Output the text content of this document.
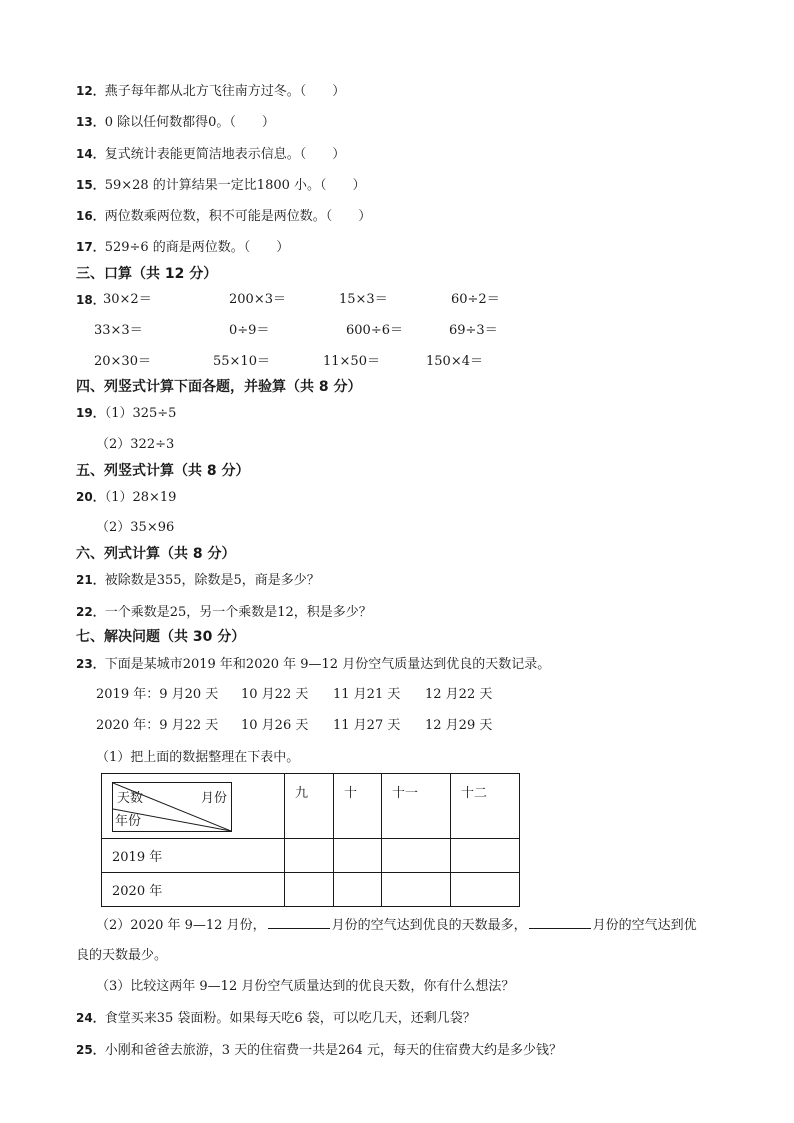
12．燕子每年都从北方飞往南方过冬。（　　）
13．0 除以任何数都得0。（　　）
14．复式统计表能更简洁地表示信息。（　　）
15．59×28 的计算结果一定比1800 小。（　　）
16．两位数乘两位数，积不可能是两位数。（　　）
17．529÷6 的商是两位数。（　　）
三、口算（共 12 分）
18．
30×2＝	200×3＝	15×3＝	60÷2＝
33×3＝	0÷9＝	600÷6＝	69÷3＝
20×30＝	55×10＝	11×50＝	150×4＝
四、列竖式计算下面各题，并验算（共 8 分）
19．（1）325÷5
（2）322÷3
五、列竖式计算（共 8 分）
20．（1）28×19
（2）35×96
六、列式计算（共 8 分）
21．被除数是355，除数是5，商是多少？
22．一个乘数是25，另一个乘数是12，积是多少？
七、解决问题（共 30 分）
23．下面是某城市2019 年和2020 年 9—12 月份空气质量达到优良的天数记录。
2019 年：9 月20 天 10 月22 天 11 月21 天 12 月22 天
2020 年：9 月22 天 10 月26 天 11 月27 天 12 月29 天
（1）把上面的数据整理在下表中。
天数 月份
年份	九	十	十一	十二
2019 年				
2020 年				
（2）2020 年 9—12 月份，	月份的空气达到优良的天数最多，	月份的空气达到优
良的天数最少。
（3）比较这两年 9—12 月份空气质量达到的优良天数，你有什么想法？
24．食堂买来35 袋面粉。如果每天吃6 袋，可以吃几天，还剩几袋？
25．小刚和爸爸去旅游，3 天的住宿费一共是264 元，每天的住宿费大约是多少钱？
